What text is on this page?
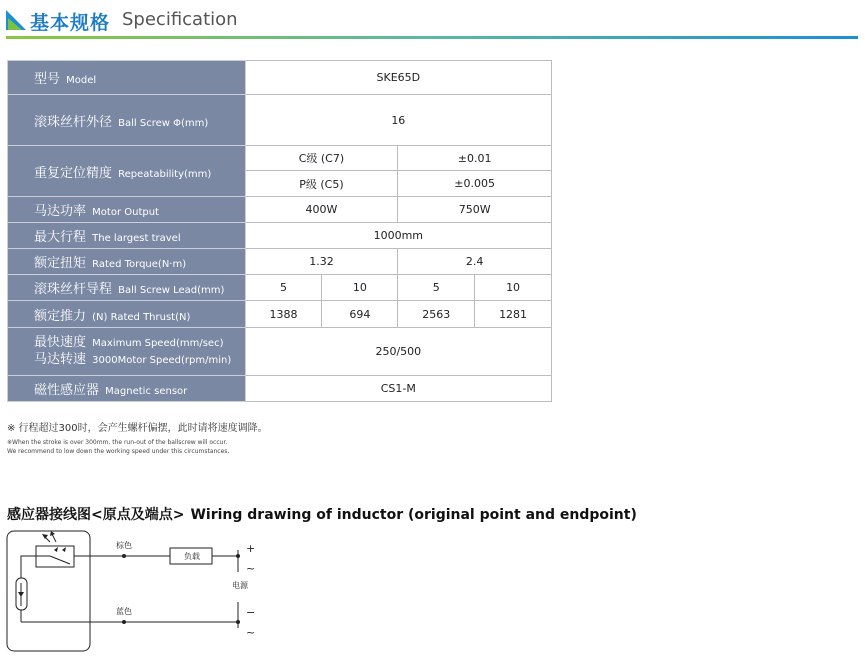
基本规格 Specification
型号 Model	SKE65D			
滚珠丝杆外径 Ball Screw Φ(mm)	16			
重复定位精度 Repeatability(mm)	C级 (C7)		±0.01	
	P级 (C5)		±0.005	
马达功率 Motor Output	400W		750W	
最大行程 The largest travel	1000mm			
额定扭矩 Rated Torque(N·m)	1.32		2.4	
滚珠丝杆导程 Ball Screw Lead(mm)	5	10	5	10
额定推力 (N) Rated Thrust(N)	1388	694	2563	1281
最快速度 Maximum Speed(mm/sec)
马达转速 3000Motor Speed(rpm/min)	250/500			
磁性感应器 Magnetic sensor	CS1-M			
※ 行程超过300时，会产生螺杆偏摆，此时请将速度调降。
※When the stroke is over 300mm, the run-out of the ballscrew will occur.
We recommend to low down the working speed under this circumstances.
感应器接线图<原点及端点> Wiring drawing of inductor (original point and endpoint)
棕色
负载
+
~
电源
蓝色	−
~
